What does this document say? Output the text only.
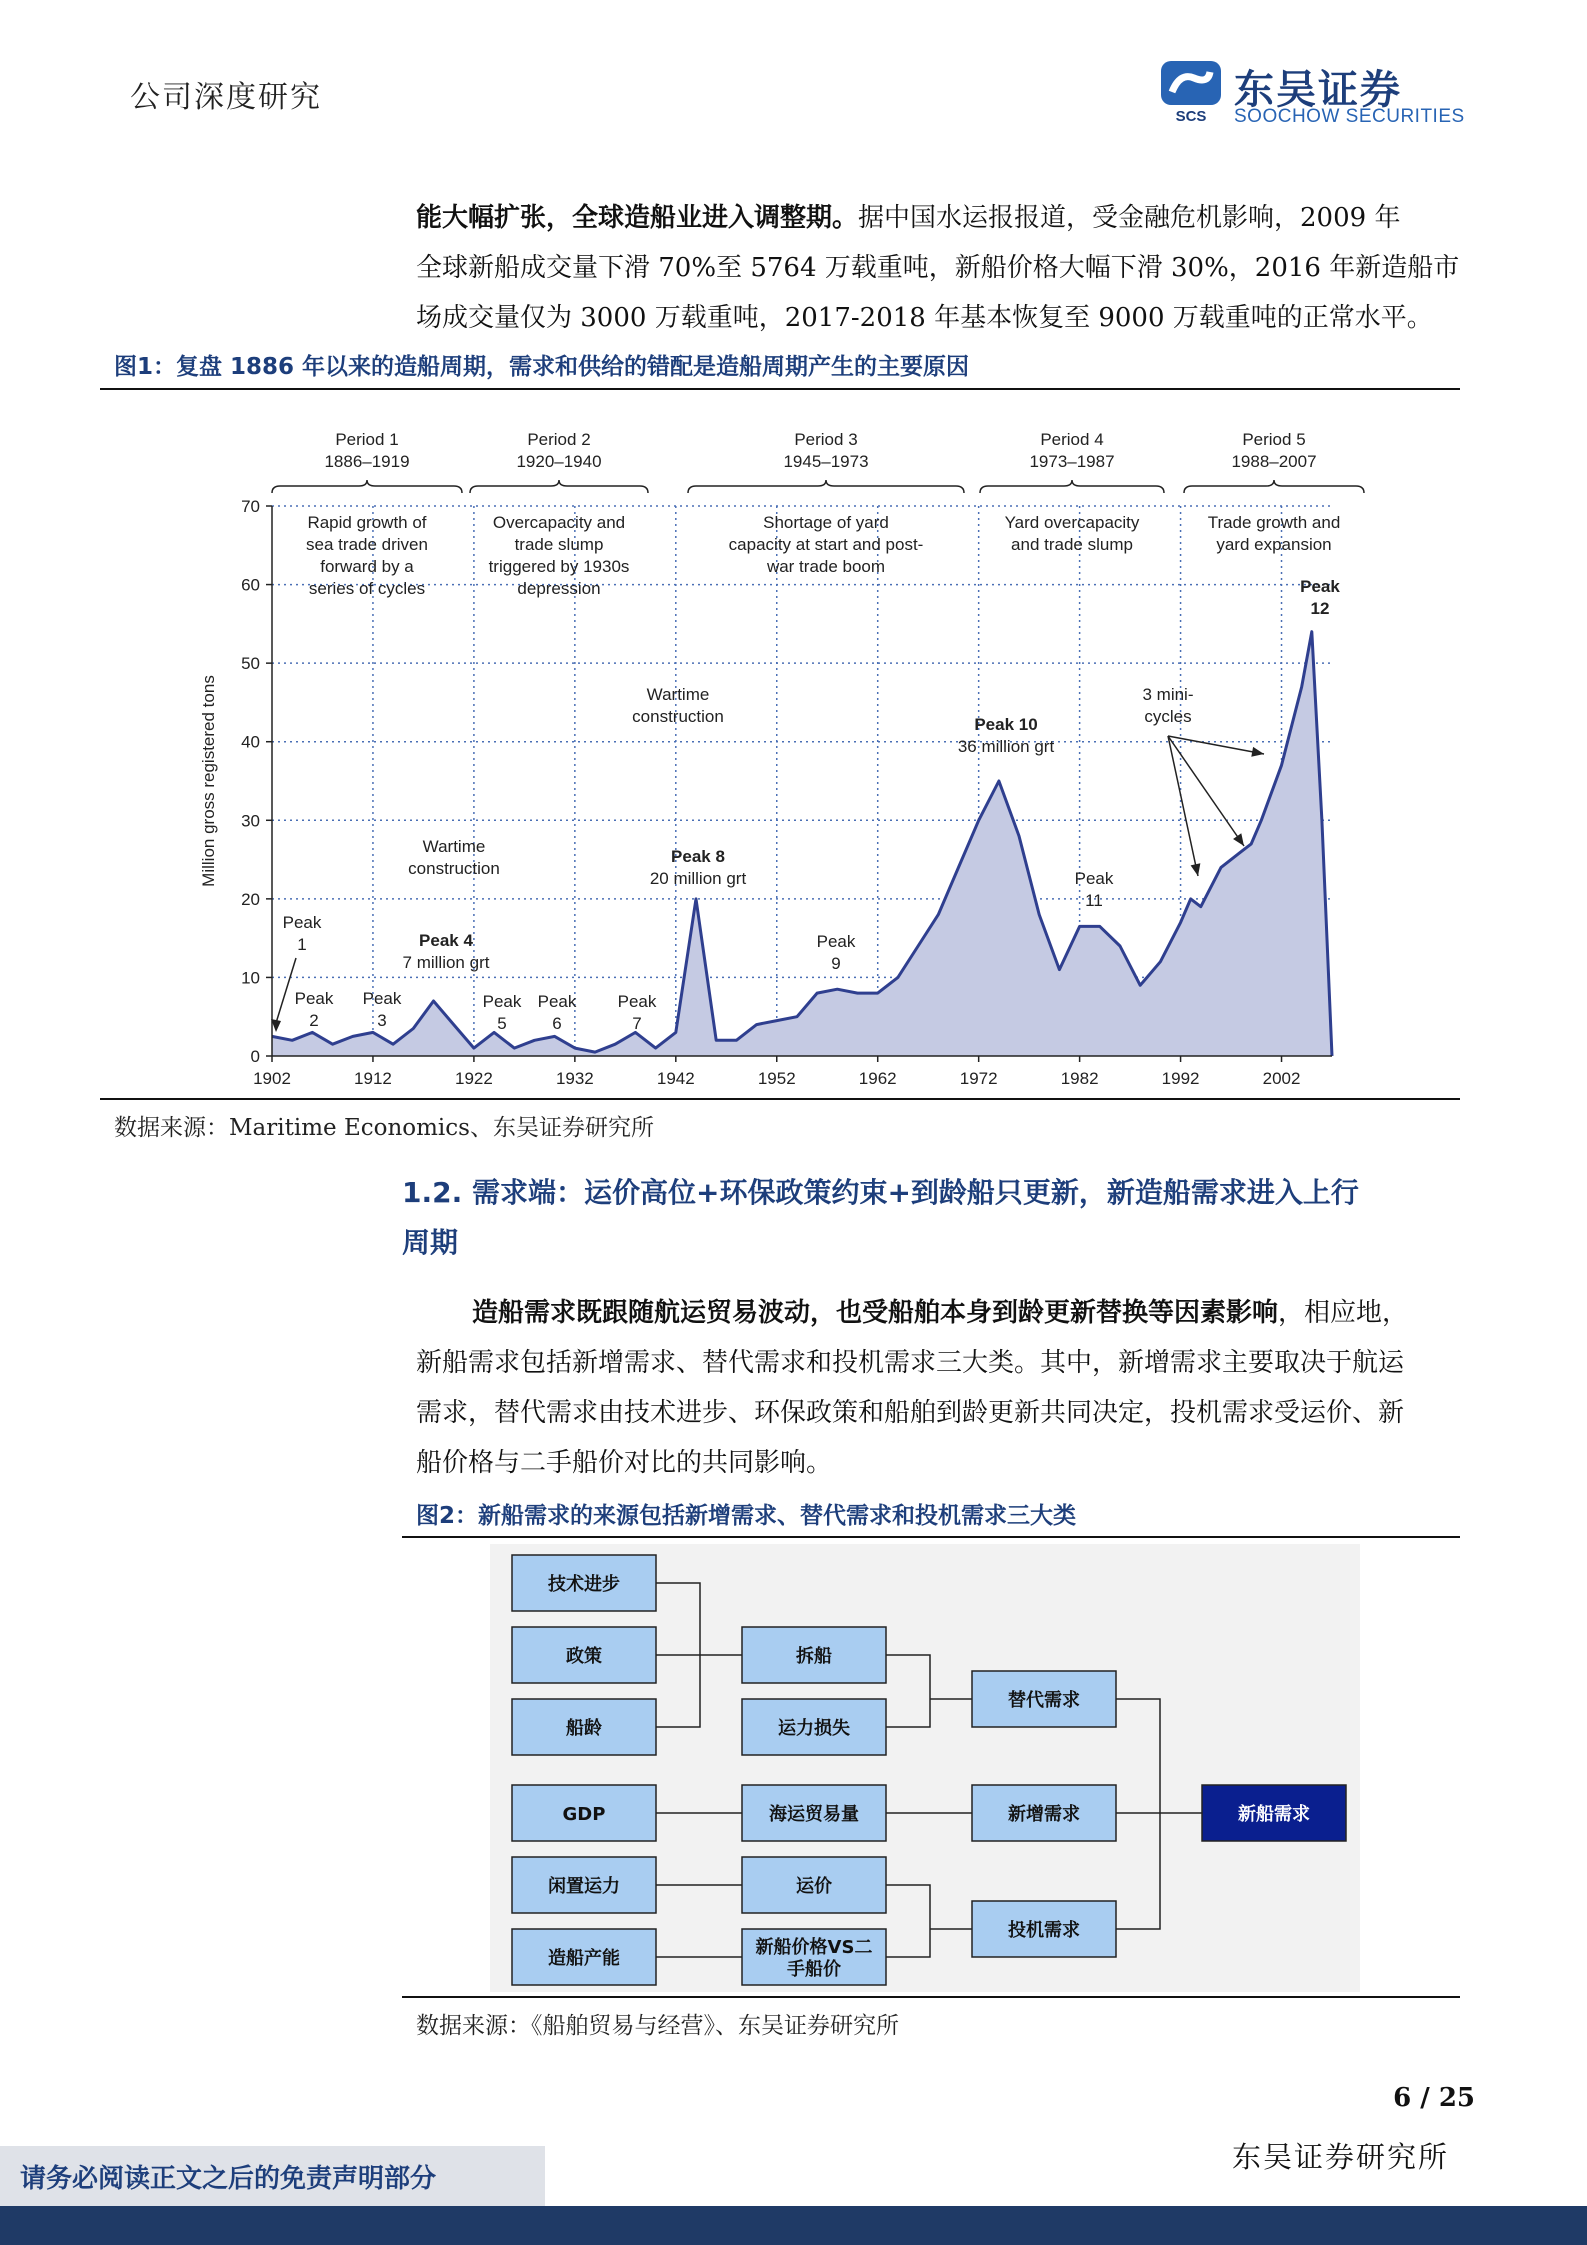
公司深度研究
SCS
东吴证券
SOOCHOW SECURITIES
能大幅扩张，全球造船业进入调整期。据中国水运报报道，受金融危机影响，2009 年
全球新船成交量下滑 70%至 5764 万载重吨，新船价格大幅下滑 30%，2016 年新造船市
场成交量仅为 3000 万载重吨，2017-2018 年基本恢复至 9000 万载重吨的正常水平。
图1：复盘 1886 年以来的造船周期，需求和供给的错配是造船周期产生的主要原因
0
10
20
30
40
50
60
70
1902	1912	1922	1932	1942	1952	1962	1972	1982	1992	2002
Million gross registered tons
Period 1
1886–1919
Rapid growth of
sea trade driven
forward by a
series of cycles
Period 2
1920–1940
Overcapacity and
trade slump
triggered by 1930s
depression
Period 3
1945–1973
Shortage of yard
capacity at start and post-
war trade boom
Period 4
1973–1987
Yard overcapacity
and trade slump
Period 5
1988–2007
Trade growth and
yard expansion
Peak
1
Peak
2
Peak
3
Peak 4
7 million grt
Peak
5
Peak
6
Peak
7
Peak 8
20 million grt
Peak
9
Peak 10
36 million grt
Peak
11
Peak
12
Wartime
construction
Wartime
construction
3 mini-
cycles
数据来源：Maritime Economics、东吴证券研究所
1.2. 需求端：运价高位+环保政策约束+到龄船只更新，新造船需求进入上行
周期
造船需求既跟随航运贸易波动，也受船舶本身到龄更新替换等因素影响，相应地，
新船需求包括新增需求、替代需求和投机需求三大类。其中，新增需求主要取决于航运
需求，替代需求由技术进步、环保政策和船舶到龄更新共同决定，投机需求受运价、新
船价格与二手船价对比的共同影响。
图2：新船需求的来源包括新增需求、替代需求和投机需求三大类
技术进步
政策
船龄
GDP
闲置运力
造船产能
拆船
运力损失
海运贸易量
运价
新船价格VS二
手船价
替代需求
新增需求
投机需求
新船需求
数据来源：《船舶贸易与经营》、东吴证券研究所
6 / 25
东吴证券研究所
请务必阅读正文之后的免责声明部分
